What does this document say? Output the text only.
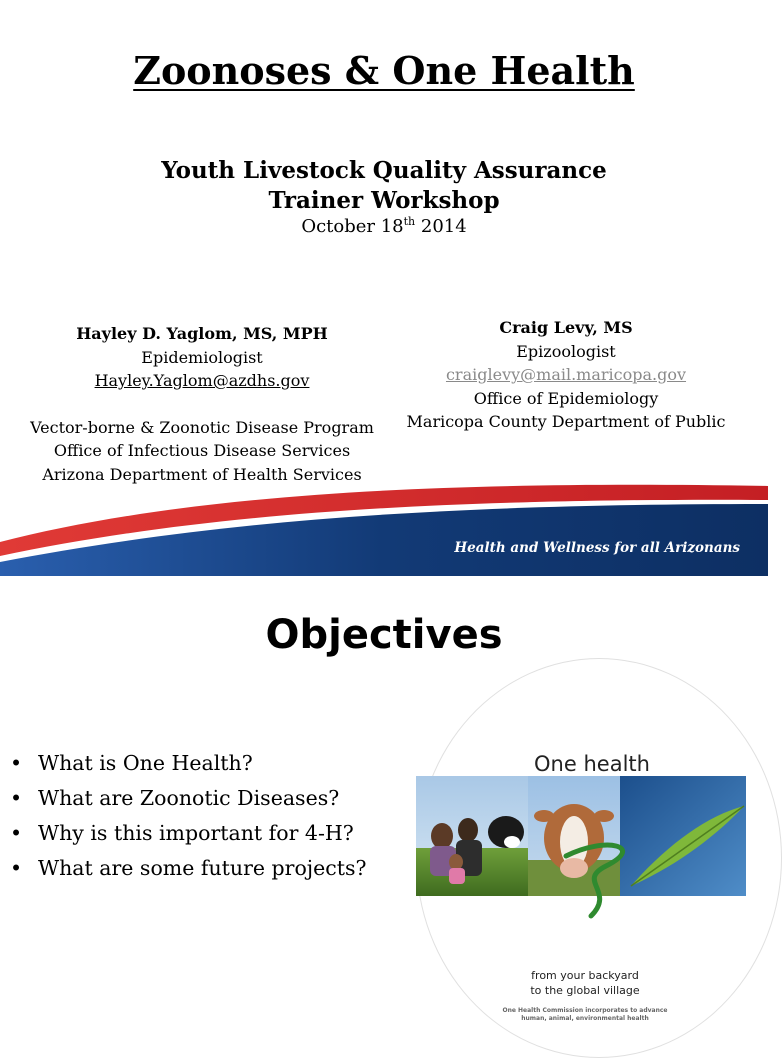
Zoonoses & One Health
Youth Livestock Quality Assurance
Trainer Workshop
October 18th 2014
Hayley D. Yaglom, MS, MPH
Epidemiologist
Hayley.Yaglom@azdhs.gov
Vector-borne & Zoonotic Disease Program
Office of Infectious Disease Services
Arizona Department of Health Services
Craig Levy, MS
Epizoologist
craiglevy@mail.maricopa.gov
Office of Epidemiology
Maricopa County Department of Public
Health and Wellness for all Arizonans
Objectives
• What is One Health?
• What are Zoonotic Diseases?
• Why is this important for 4-H?
• What are some future projects?
One health
from your backyard
to the global village
One Health Commission incorporates to advance human, animal, environmental health
